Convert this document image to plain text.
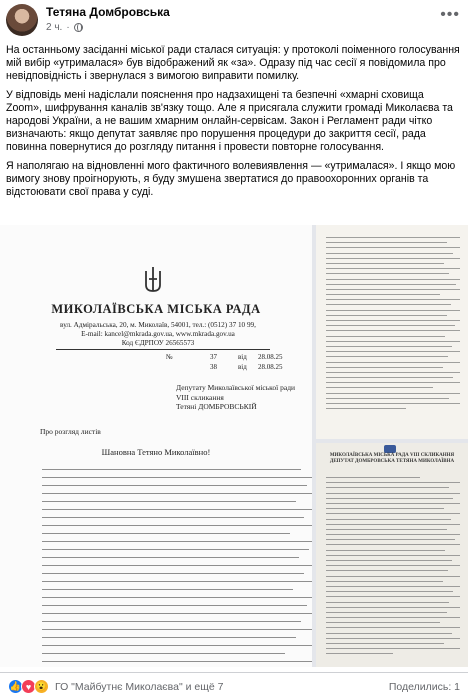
Тетяна Домбровська
2 ч. ·
•••

На останньому засіданні міської ради сталася ситуація: у протоколі поіменного голосування мій вибір «утрималася» був відображений як «за». Одразу під час сесії я повідомила про невідповідність і звернулася з вимогою виправити помилку.

У відповідь мені надіслали пояснення про надзахищені та безпечні «хмарні сховища Zoom», шифрування каналів зв'язку тощо. Але я присягала служити громаді Миколаєва та народові України, а не вашим хмарним онлайн-сервісам. Закон і Регламент ради чітко визначають: якщо депутат заявляє про порушення процедури до закриття сесії, рада повинна повернутися до розгляду питання і провести повторне голосування.

Я наполягаю на відновленні мого фактичного волевиявлення — «утрималася». І якщо мою вимогу знову проігнорують, я буду змушена звертатися до правоохоронних органів та відстоювати свої права у суді.

МИКОЛАЇВСЬКА МІСЬКА РАДА
вул. Адміральська, 20, м. Миколаїв, 54001, тел.: (0512) 37 10 99, E-mail: kancel@mkrada.gov.ua, www.mkrada.gov.ua
Код ЄДРПОУ 26565573
№	37	від 28.08.25
38	від 28.08.25
Депутату Миколаївської міської ради
VIII скликання
Тетяні ДОМБРОВСЬКІЙ
Про розгляд листів
Шановна Тетяно Миколаївно!	МИКОЛАЇВСЬКА МІСЬКА РАДА VIII СКЛИКАННЯ ДЕПУТАТ ДОМБРОВСЬКА ТЕТЯНА МИКОЛАЇВНА
👍 ♥ 😮 ГО "Майбутнє Миколаєва" и ещё 7	Поделились: 1
